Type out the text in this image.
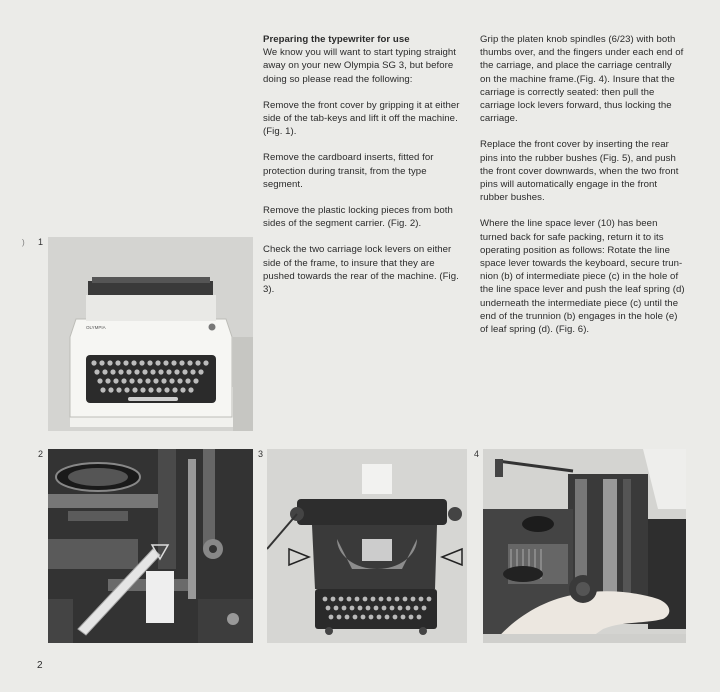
Preparing the typewriter for use
We know you will want to start typing straight away on your new Olympia SG 3, but before doing so please read the following:

Remove the front cover by gripping it at either side of the tab-keys and lift it off the machine. (Fig. 1).

Remove the cardboard inserts, fitted for protection during transit, from the type segment.

Remove the plastic locking pieces from both sides of the segment carrier. (Fig. 2).

Check the two carriage lock levers on either side of the frame, to insure that they are pushed towards the rear of the machine. (Fig. 3).

Grip the platen knob spindles (6/23) with both thumbs over, and the fingers under each end of the carriage, and place the carriage centrally on the machine frame.(Fig. 4). Insure that the carriage is correctly seated: then pull the carriage lock levers forward, thus locking the carriage.

Replace the front cover by inserting the rear pins into the rubber bushes (Fig. 5), and push the front cover downwards, when the two front pins will automatically engage in the front rubber bushes.

Where the line space lever (10) has been turned back for safe packing, return it to its operating position as follows: Rotate the line space lever towards the keyboard, secure trun-nion (b) of intermediate piece (c) in the hole of the line space lever and push the leaf spring (d) underneath the intermediate piece (c) until the end of the trunnion (b) engages in the hole (e) of leaf spring (d). (Fig. 6).

) 1
OLYMPIA
2	3	4
2
